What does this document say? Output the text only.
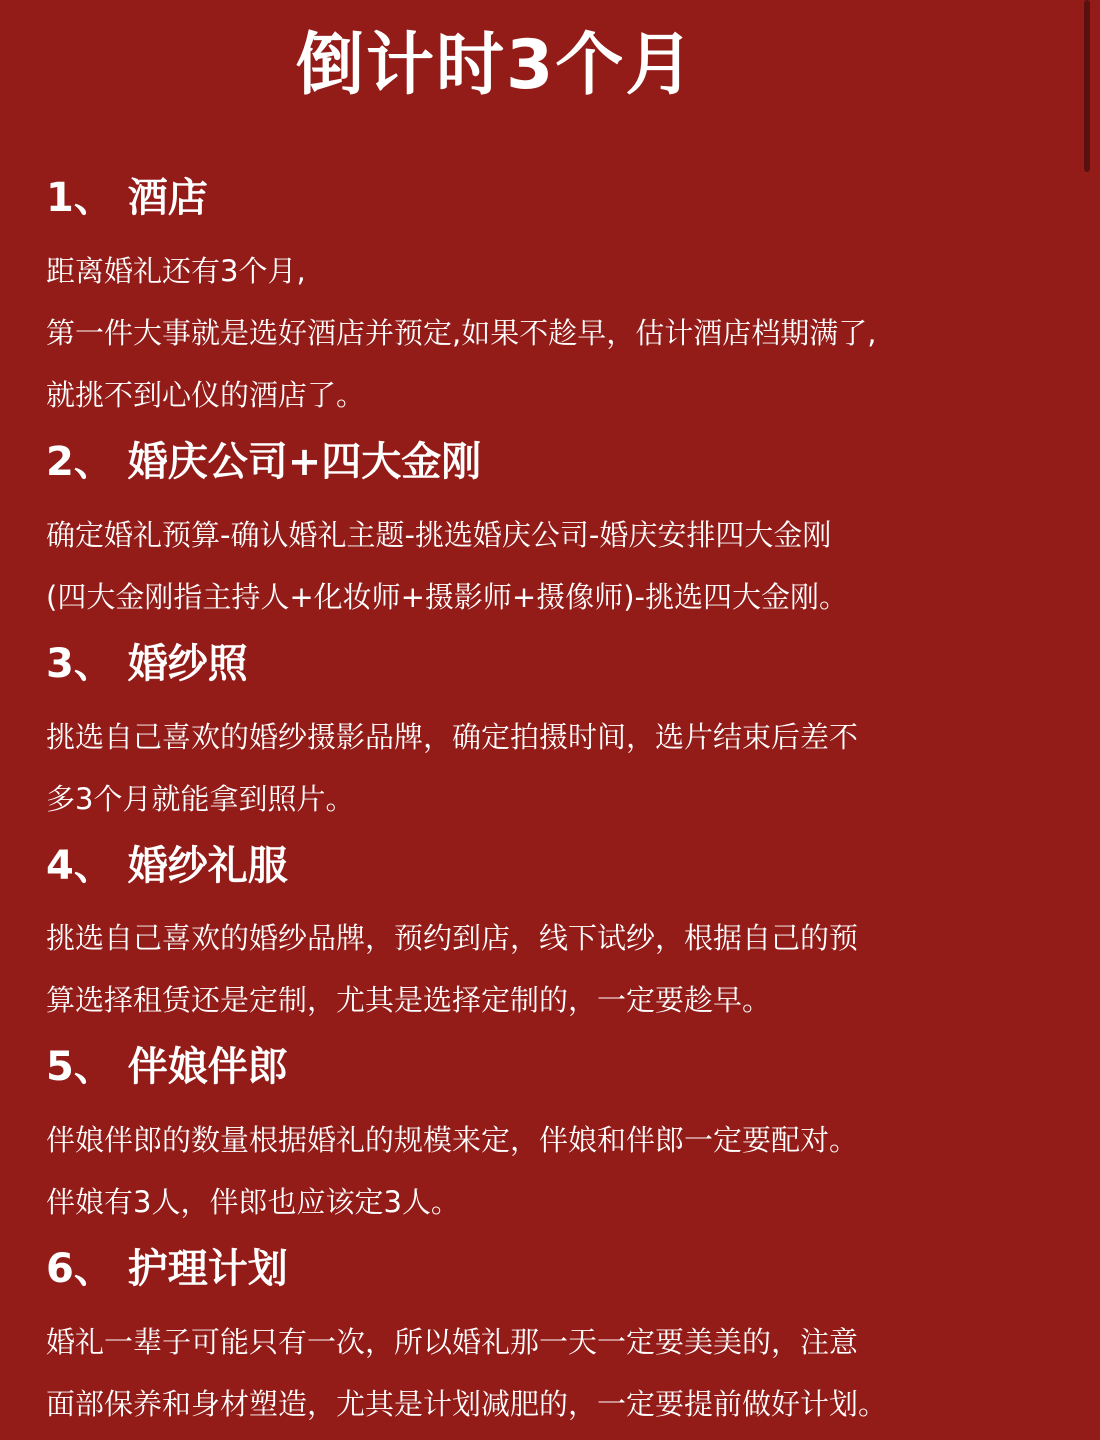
倒计时3个月
1、 酒店
距离婚礼还有3个月,
第一件大事就是选好酒店并预定,如果不趁早，估计酒店档期满了,
就挑不到心仪的酒店了。
2、 婚庆公司+四大金刚
确定婚礼预算-确认婚礼主题-挑选婚庆公司-婚庆安排四大金刚
(四大金刚指主持人+化妆师+摄影师+摄像师)-挑选四大金刚。
3、 婚纱照
挑选自己喜欢的婚纱摄影品牌，确定拍摄时间，选片结束后差不
多3个月就能拿到照片。
4、 婚纱礼服
挑选自己喜欢的婚纱品牌，预约到店，线下试纱，根据自己的预
算选择租赁还是定制，尤其是选择定制的，一定要趁早。
5、 伴娘伴郎
伴娘伴郎的数量根据婚礼的规模来定，伴娘和伴郎一定要配对。
伴娘有3人，伴郎也应该定3人。
6、 护理计划
婚礼一辈子可能只有一次，所以婚礼那一天一定要美美的，注意
面部保养和身材塑造，尤其是计划减肥的，一定要提前做好计划。
